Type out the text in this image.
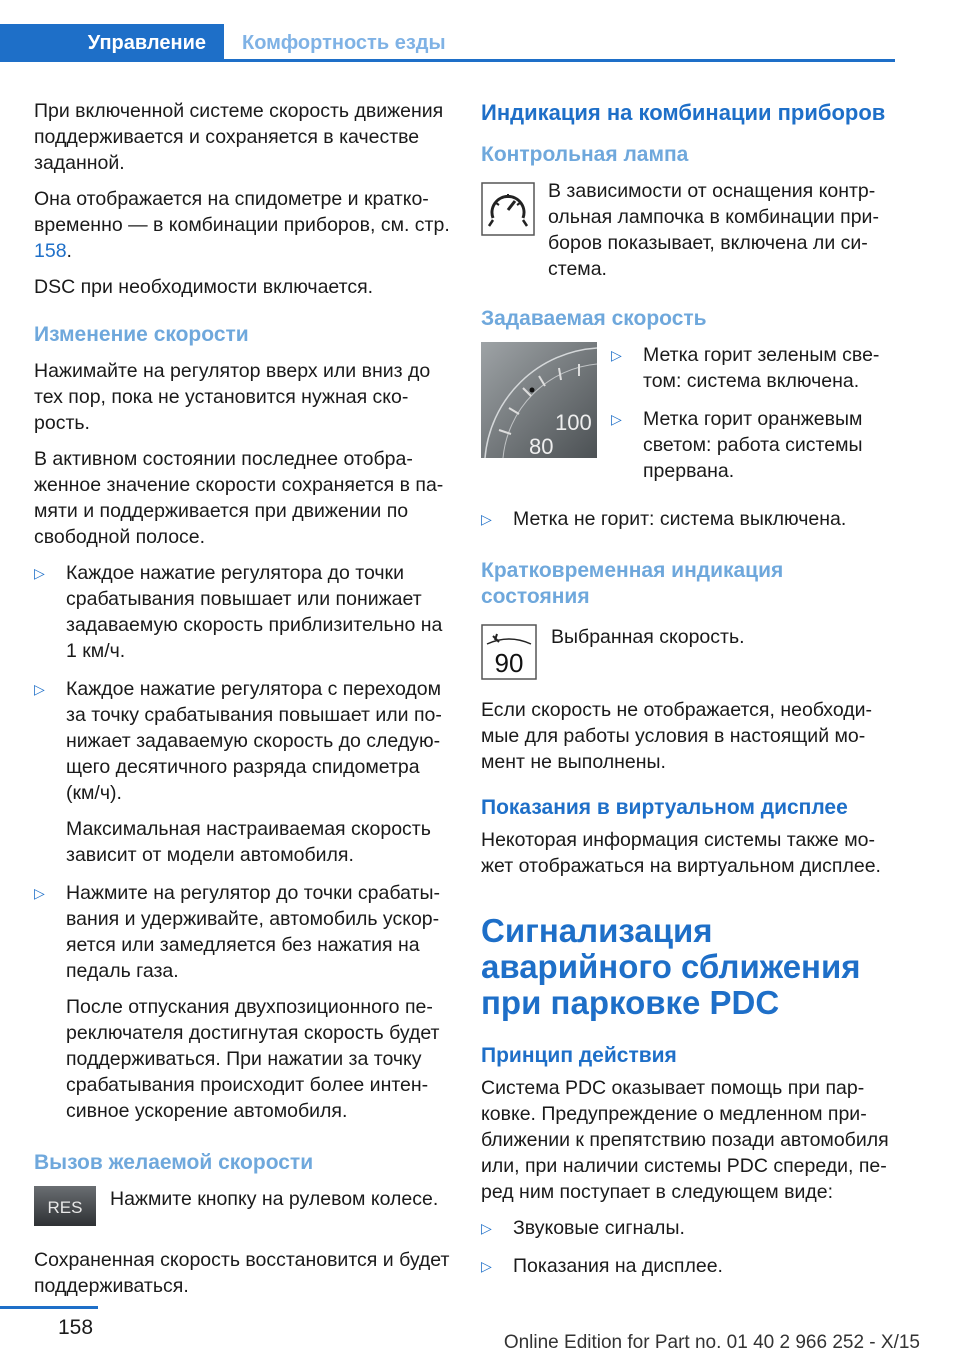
Управление	Комфортность езды

При включенной системе скорость движения поддерживается и сохраняется в качестве заданной.

Она отображается на спидометре и кратковременно — в комбинации приборов, см. стр. 158.

DSC при необходимости включается.

Изменение скорости

Нажимайте на регулятор вверх или вниз до тех пор, пока не установится нужная скорость.

В активном состоянии последнее отображенное значение скорости сохраняется в памяти и поддерживается при движении по свободной полосе.

▷ Каждое нажатие регулятора до точки срабатывания повышает или понижает задаваемую скорость приблизительно на 1 км/ч.
▷ Каждое нажатие регулятора с переходом за точку срабатывания повышает или понижает задаваемую скорость до следующего десятичного разряда спидометра (км/ч).
Максимальная настраиваемая скорость зависит от модели автомобиля.
▷ Нажмите на регулятор до точки срабатывания и удерживайте, автомобиль ускоряется или замедляется без нажатия на педаль газа.
После отпускания двухпозиционного переключателя достигнутая скорость будет поддерживаться. При нажатии за точку срабатывания происходит более интенсивное ускорение автомобиля.
Вызов желаемой скорости
RES Нажмите кнопку на рулевом колесе.

Сохраненная скорость восстановится и будет поддерживаться.

Индикация на комбинации приборов
Контрольная лампа
В зависимости от оснащения контрольная лампочка в комбинации приборов показывает, включена ли система.
Задаваемая скорость
100
80
▷ Метка горит зеленым светом: система включена.
▷ Метка горит оранжевым светом: работа системы прервана.
▷ Метка не горит: система выключена.
Кратковременная индикация состояния
90
Выбранная скорость.

Если скорость не отображается, необходимые для работы условия в настоящий момент не выполнены.

Показания в виртуальном дисплее

Некоторая информация системы также может отображаться на виртуальном дисплее.

Сигнализация аварийного сближения при парковке PDC
Принцип действия

Система PDC оказывает помощь при парковке. Предупреждение о медленном приближении к препятствию позади автомобиля или, при наличии системы PDC спереди, перед ним поступает в следующем виде:

▷ Звуковые сигналы.
▷ Показания на дисплее.
158
Online Edition for Part no. 01 40 2 966 252 - X/15
